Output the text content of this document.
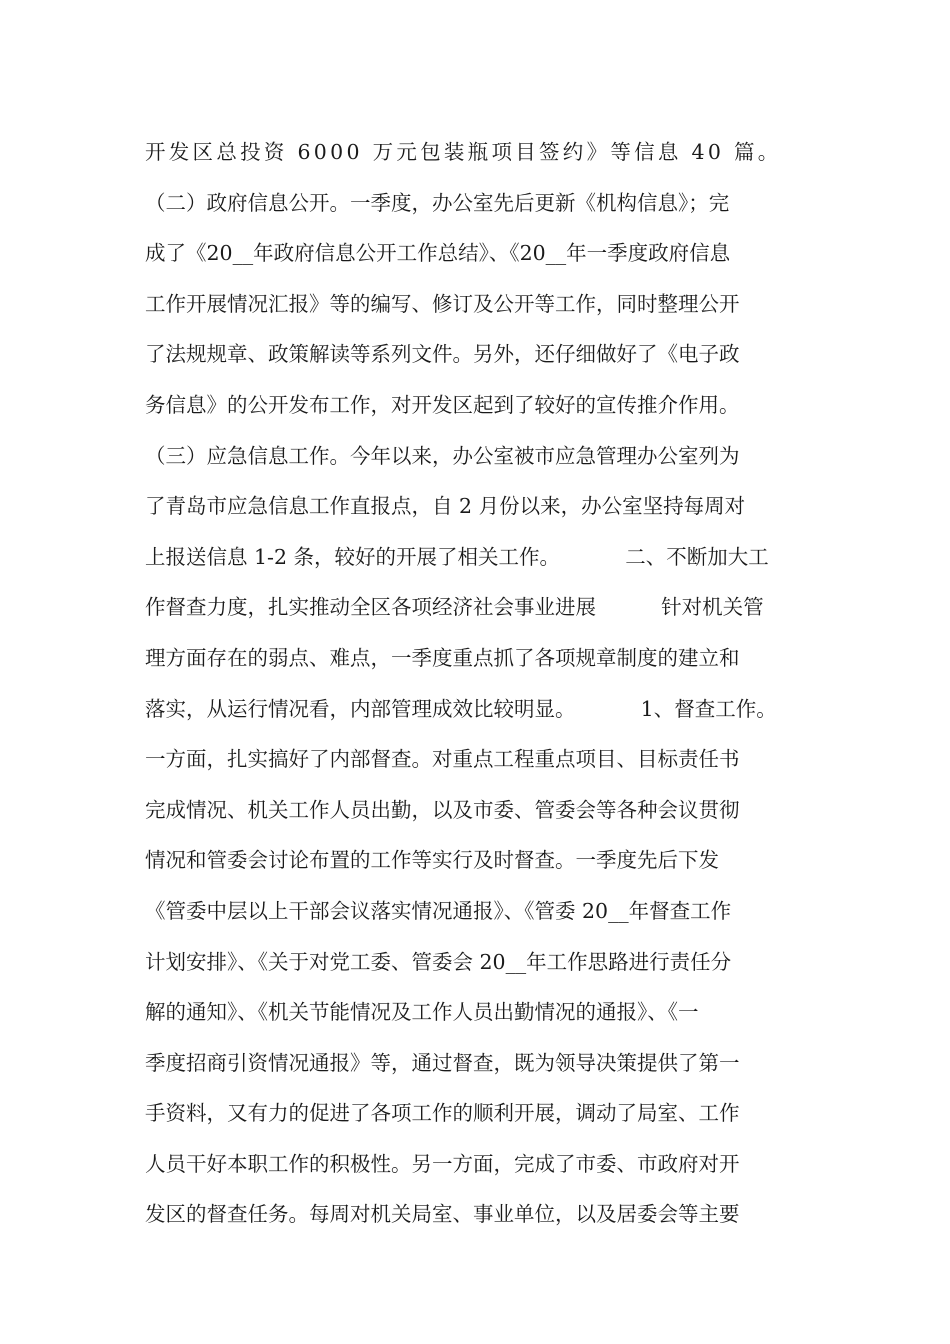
开发区总投资 6000 万元包装瓶项目签约》等信息 40 篇。
（二）政府信息公开。一季度，办公室先后更新《机构信息》；完
成了《20__年政府信息公开工作总结》、《20__年一季度政府信息
工作开展情况汇报》等的编写、修订及公开等工作，同时整理公开
了法规规章、政策解读等系列文件。另外，还仔细做好了《电子政
务信息》的公开发布工作，对开发区起到了较好的宣传推介作用。
（三）应急信息工作。今年以来，办公室被市应急管理办公室列为
了青岛市应急信息工作直报点，自 2 月份以来，办公室坚持每周对
上报送信息 1-2 条，较好的开展了相关工作。          二、不断加大工
作督查力度，扎实推动全区各项经济社会事业进展          针对机关管
理方面存在的弱点、难点，一季度重点抓了各项规章制度的建立和
落实，从运行情况看，内部管理成效比较明显。          1、督查工作。
一方面，扎实搞好了内部督查。对重点工程重点项目、目标责任书
完成情况、机关工作人员出勤，以及市委、管委会等各种会议贯彻
情况和管委会讨论布置的工作等实行及时督查。一季度先后下发
《管委中层以上干部会议落实情况通报》、《管委 20__年督查工作
计划安排》、《关于对党工委、管委会 20__年工作思路进行责任分
解的通知》、《机关节能情况及工作人员出勤情况的通报》、《一
季度招商引资情况通报》等，通过督查，既为领导决策提供了第一
手资料，又有力的促进了各项工作的顺利开展，调动了局室、工作
人员干好本职工作的积极性。另一方面，完成了市委、市政府对开
发区的督查任务。每周对机关局室、事业单位，以及居委会等主要
